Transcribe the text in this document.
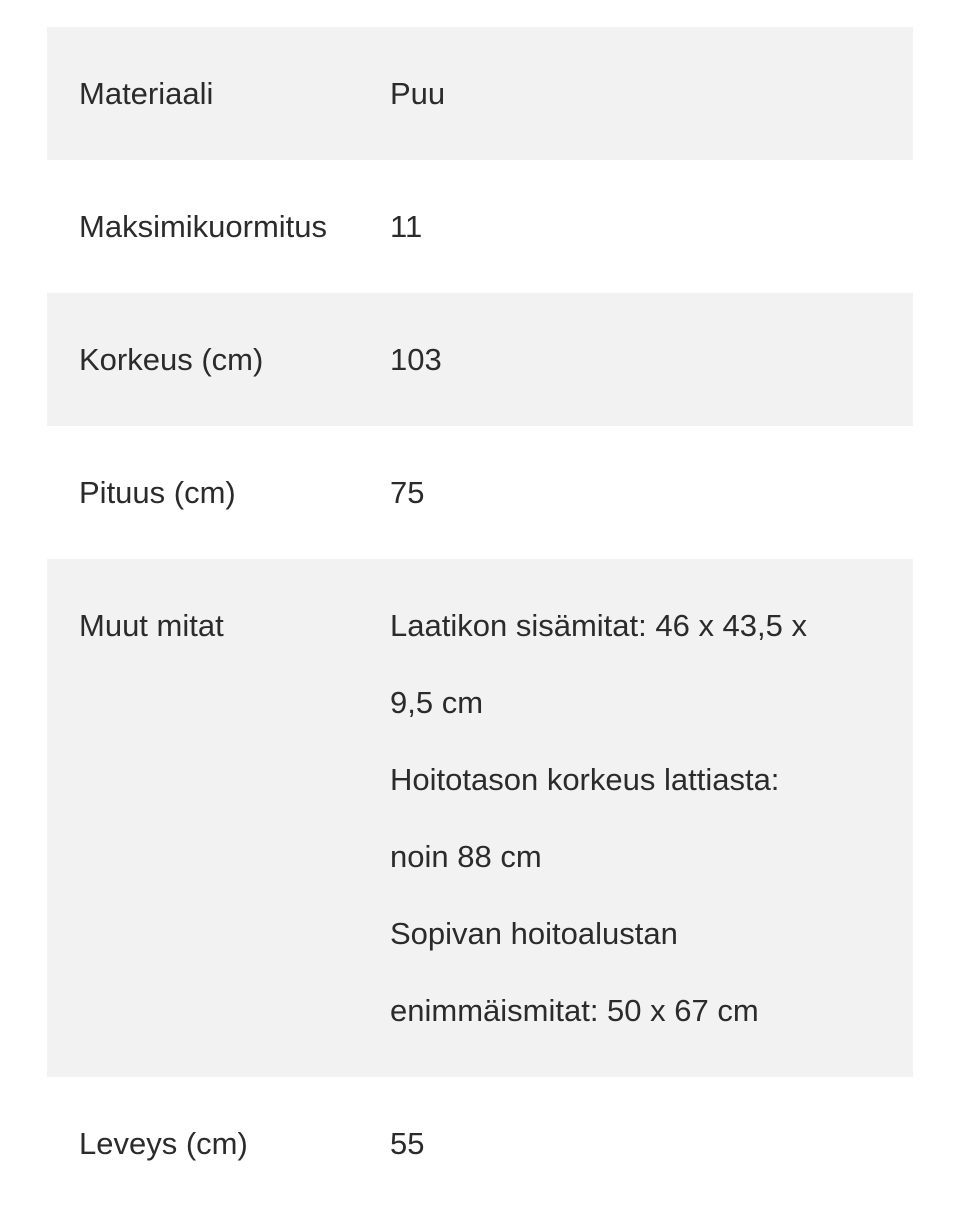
Materiaali	Puu
Maksimikuormitus	11
Korkeus (cm)	103
Pituus (cm)	75
Muut mitat	Laatikon sisämitat: 46 x 43,5 x
9,5 cm
Hoitotason korkeus lattiasta:
noin 88 cm
Sopivan hoitoalustan
enimmäismitat: 50 x 67 cm
Leveys (cm)	55
